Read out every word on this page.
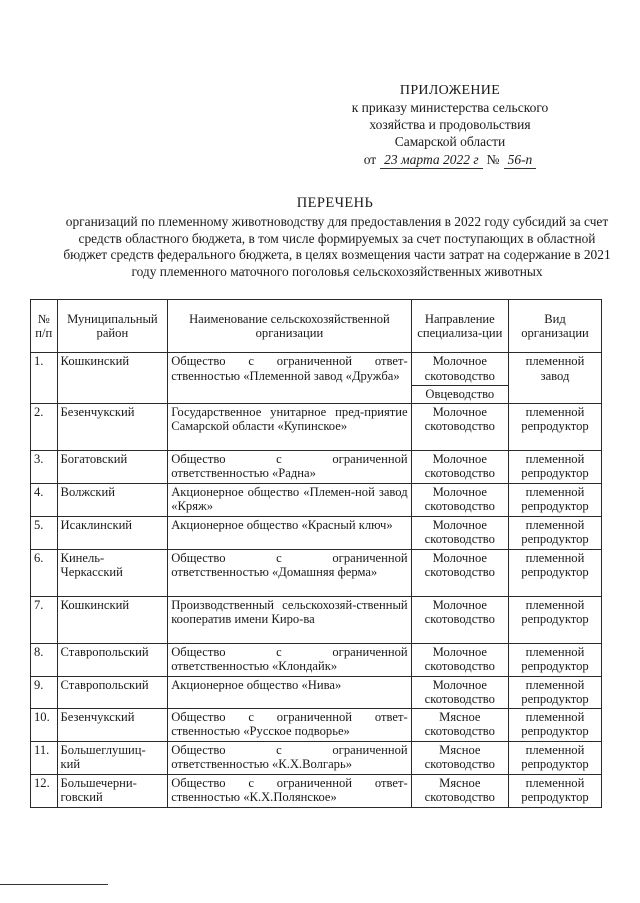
ПРИЛОЖЕНИЕ
к приказу министерства сельского
хозяйства и продовольствия
Самарской области
от 23 марта 2022 г № 56-п
ПЕРЕЧЕНЬ
организаций по племенному животноводству для предоставления в 2022 году субсидий за счет средств областного бюджета, в том числе формируемых за счет поступающих в областной бюджет средств федерального бюджета, в целях возмещения части затрат на содержание в 2021 году племенного маточного поголовья сельскохозяйственных животных
№ п/п	Муниципальный район	Наименование сельскохозяйственной организации	Направление специализа-ции	Вид организации
1.	Кошкинский	Общество с ограниченной ответ-ственностью «Племенной завод «Дружба»	Молочное скотоводство	племенной завод
			Овцеводство	
2.	Безенчукский	Государственное унитарное пред-приятие Самарской области «Купинское»	Молочное скотоводство	племенной репродуктор
3.	Богатовский	Общество с ограниченной ответственностью «Радна»	Молочное скотоводство	племенной репродуктор
4.	Волжский	Акционерное общество «Племен-ной завод «Кряж»	Молочное скотоводство	племенной репродуктор
5.	Исаклинский	Акционерное общество «Красный ключ»	Молочное скотоводство	племенной репродуктор
6.	Кинель-Черкасский	Общество с ограниченной ответственностью «Домашняя ферма»	Молочное скотоводство	племенной репродуктор
7.	Кошкинский	Производственный сельскохозяй-ственный кооператив имени Киро-ва	Молочное скотоводство	племенной репродуктор
8.	Ставропольский	Общество с ограниченной ответственностью «Клондайк»	Молочное скотоводство	племенной репродуктор
9.	Ставропольский	Акционерное общество «Нива»	Молочное скотоводство	племенной репродуктор
10.	Безенчукский	Общество с ограниченной ответ-ственностью «Русское подворье»	Мясное скотоводство	племенной репродуктор
11.	Большеглушиц-кий	Общество с ограниченной ответственностью «К.Х.Волгарь»	Мясное скотоводство	племенной репродуктор
12.	Большечерни-говский	Общество с ограниченной ответ-ственностью «К.Х.Полянское»	Мясное скотоводство	племенной репродуктор
